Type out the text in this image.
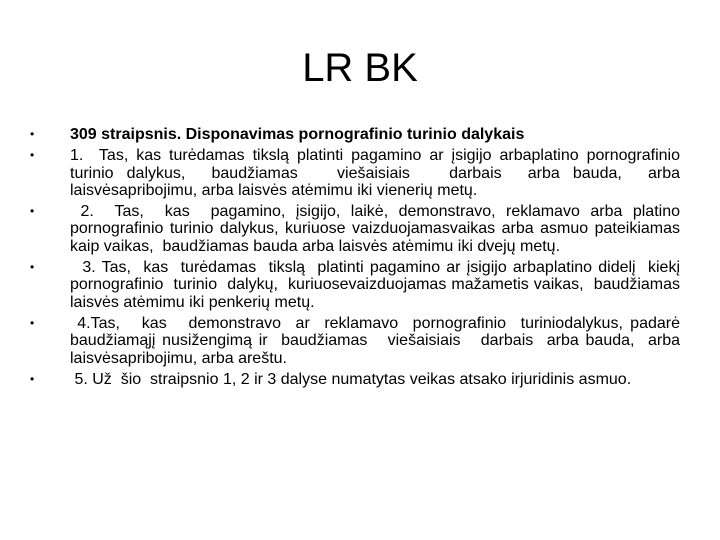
LR BK
•	309 straipsnis. Disponavimas pornografinio turinio dalykais
•	1.  Tas, kas turėdamas tikslą platinti pagamino ar įsigijo arbaplatino pornografinio turinio dalykus,  baudžiamas   viešaisiais   darbais  arba bauda,  arba  laisvėsapribojimu, arba laisvės atėmimu iki vienerių metų.
•	2.  Tas,  kas  pagamino, įsigijo, laikė, demonstravo, reklamavo arba platino pornografinio turinio dalykus, kuriuose vaizduojamasvaikas arba asmuo pateikiamas kaip vaikas,  baudžiamas bauda arba laisvės atėmimu iki dvejų metų.
•	3. Tas,  kas  turėdamas  tikslą  platinti pagamino ar įsigijo arbaplatino didelį  kiekį  pornografinio  turinio  dalykų,  kuriuosevaizduojamas mažametis vaikas,  baudžiamas laisvės atėmimu iki penkerių metų.
•	4.Tas,   kas   demonstravo  ar  reklamavo  pornografinio  turiniodalykus, padarė baudžiamąjį nusižengimą ir  baudžiamas   viešaisiais   darbais  arba bauda,  arba  laisvėsapribojimu, arba areštu.
•	5. Už  šio  straipsnio 1, 2 ir 3 dalyse numatytas veikas atsako irjuridinis asmuo.
